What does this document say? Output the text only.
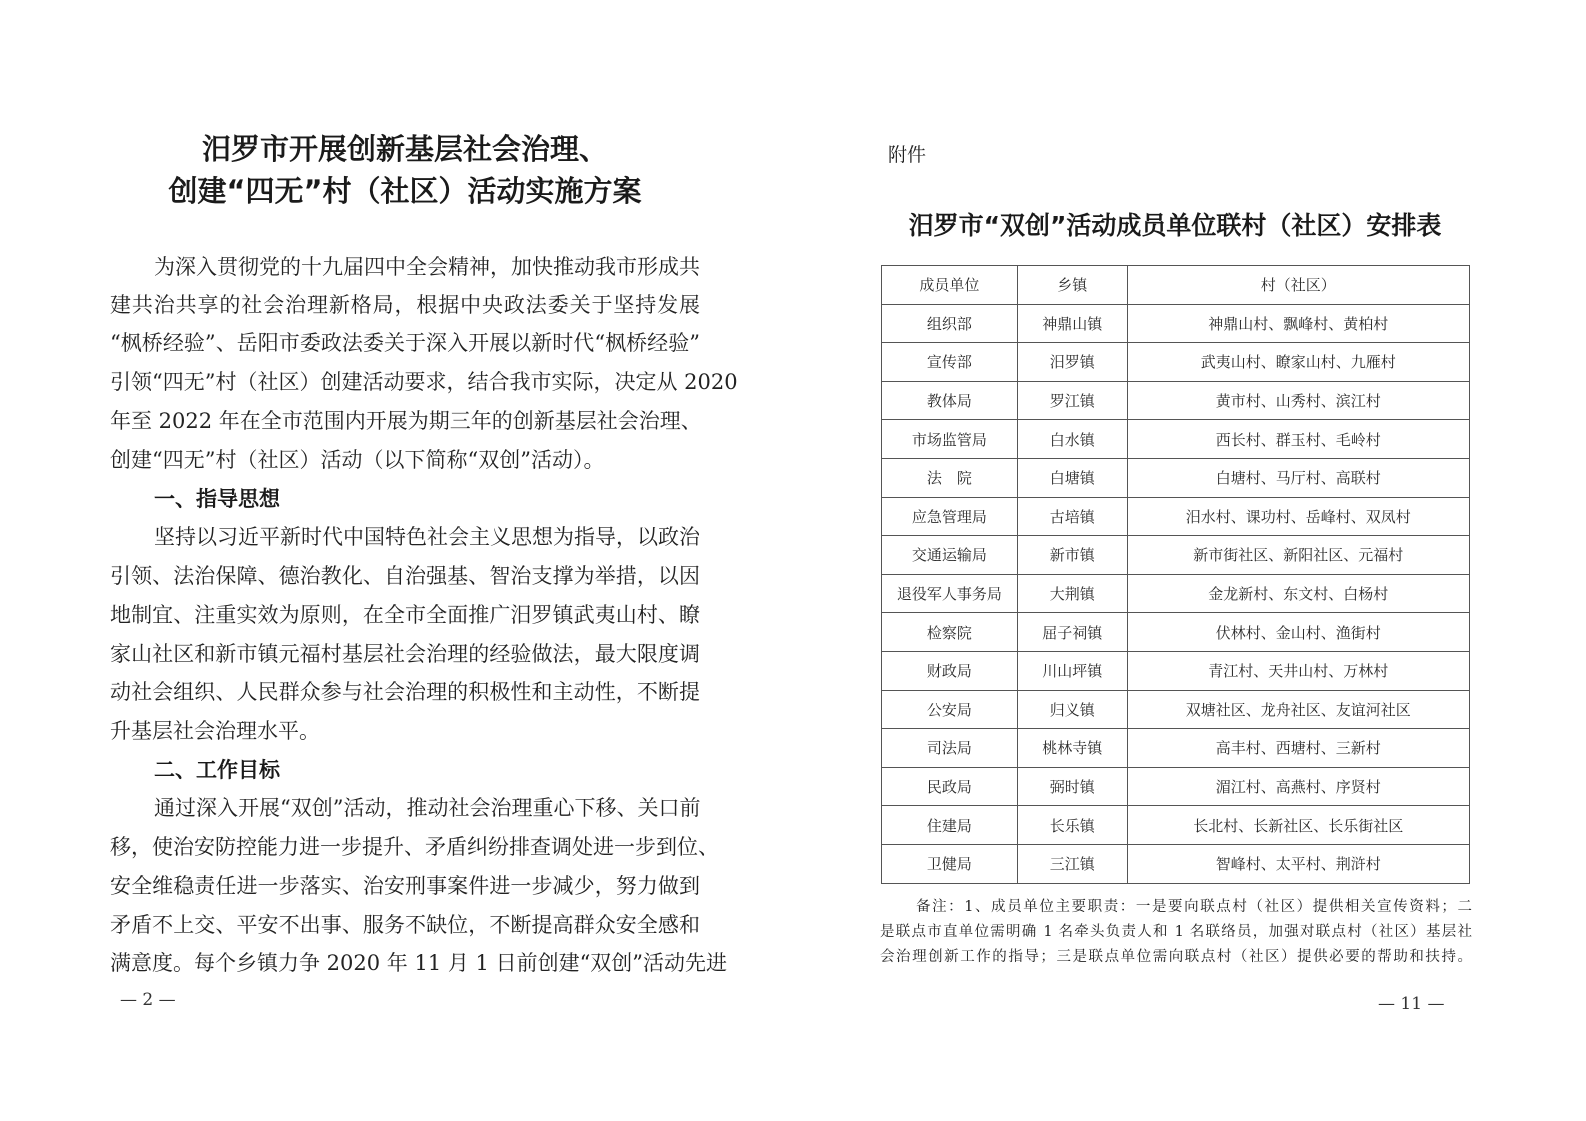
汨罗市开展创新基层社会治理、
创建“四无”村（社区）活动实施方案
为深入贯彻党的十九届四中全会精神，加快推动我市形成共
建共治共享的社会治理新格局，根据中央政法委关于坚持发展
“枫桥经验”、岳阳市委政法委关于深入开展以新时代“枫桥经验”
引领“四无”村（社区）创建活动要求，结合我市实际，决定从 2020
年至 2022 年在全市范围内开展为期三年的创新基层社会治理、
创建“四无”村（社区）活动（以下简称“双创”活动）。
一、指导思想
坚持以习近平新时代中国特色社会主义思想为指导，以政治
引领、法治保障、德治教化、自治强基、智治支撑为举措，以因
地制宜、注重实效为原则，在全市全面推广汨罗镇武夷山村、瞭
家山社区和新市镇元福村基层社会治理的经验做法，最大限度调
动社会组织、人民群众参与社会治理的积极性和主动性，不断提
升基层社会治理水平。
二、工作目标
通过深入开展“双创”活动，推动社会治理重心下移、关口前
移，使治安防控能力进一步提升、矛盾纠纷排查调处进一步到位、
安全维稳责任进一步落实、治安刑事案件进一步减少，努力做到
矛盾不上交、平安不出事、服务不缺位，不断提高群众安全感和
满意度。每个乡镇力争 2020 年 11 月 1 日前创建“双创”活动先进
— 2 —
附件
汨罗市“双创”活动成员单位联村（社区）安排表
成员单位	乡镇	村（社区）
组织部	神鼎山镇	神鼎山村、飘峰村、黄柏村
宣传部	汨罗镇	武夷山村、瞭家山村、九雁村
教体局	罗江镇	黄市村、山秀村、滨江村
市场监管局	白水镇	西长村、群玉村、毛岭村
法　院	白塘镇	白塘村、马厅村、高联村
应急管理局	古培镇	汨水村、课功村、岳峰村、双凤村
交通运输局	新市镇	新市街社区、新阳社区、元福村
退役军人事务局	大荆镇	金龙新村、东文村、白杨村
检察院	屈子祠镇	伏林村、金山村、渔街村
财政局	川山坪镇	青江村、天井山村、万林村
公安局	归义镇	双塘社区、龙舟社区、友谊河社区
司法局	桃林寺镇	高丰村、西塘村、三新村
民政局	弼时镇	湄江村、高燕村、序贤村
住建局	长乐镇	长北村、长新社区、长乐街社区
卫健局	三江镇	智峰村、太平村、荆浒村
备注：1、成员单位主要职责：一是要向联点村（社区）提供相关宣传资料；二
是联点市直单位需明确 1 名牵头负责人和 1 名联络员，加强对联点村（社区）基层社
会治理创新工作的指导；三是联点单位需向联点村（社区）提供必要的帮助和扶持。
— 11 —
